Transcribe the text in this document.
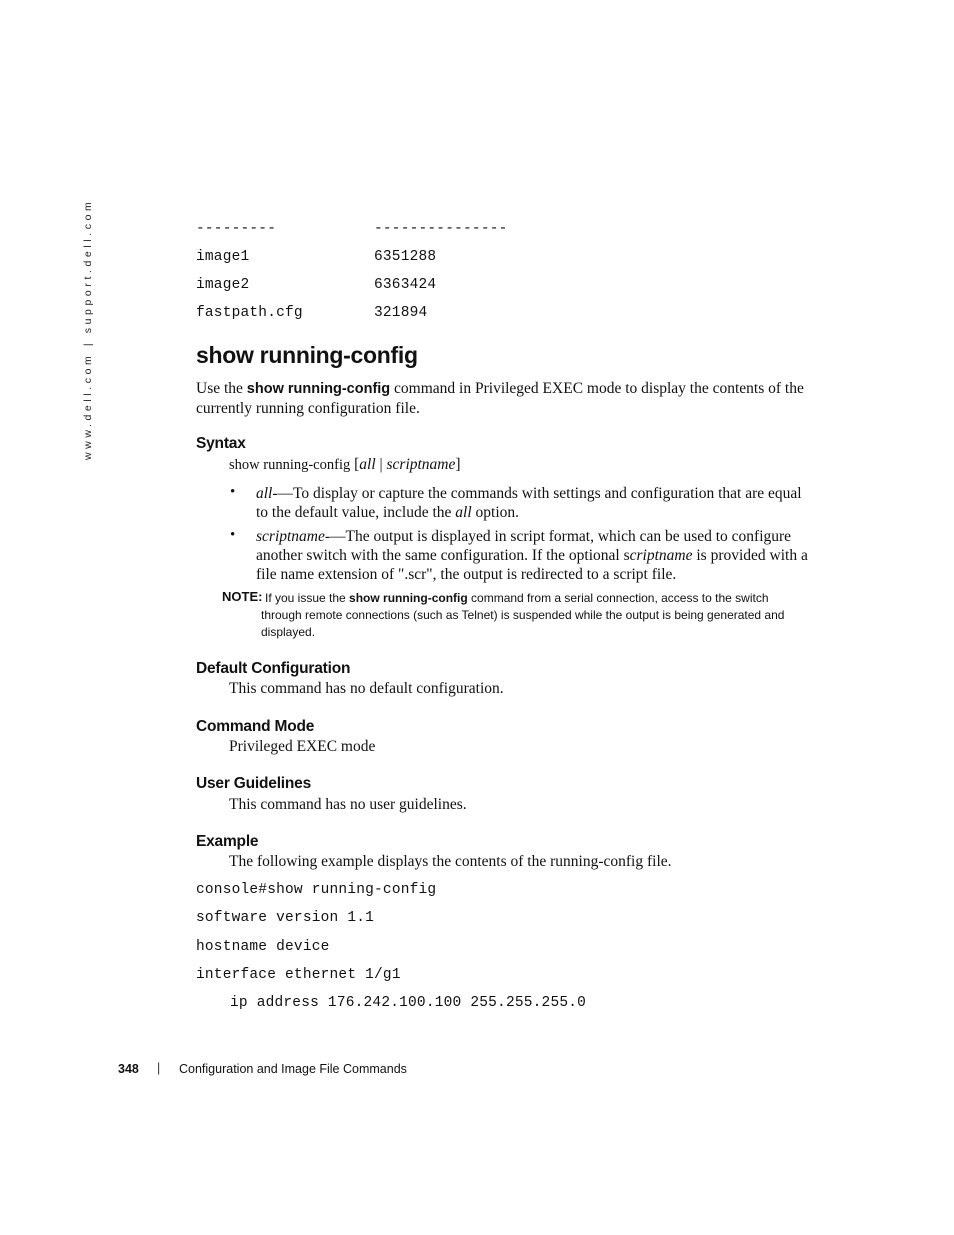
www.dell.com | support.dell.com	---------	---------------
image1	6351288
image2	6363424
fastpath.cfg	321894
show running-config
Use the show running-config command in Privileged EXEC mode to display the contents of the
currently running configuration file.
Syntax
show running-config [all | scriptname]
• all-—To display or capture the commands with settings and configuration that are equal
to the default value, include the all option.
• scriptname-—The output is displayed in script format, which can be used to configure
another switch with the same configuration. If the optional scriptname is provided with a
file name extension of ".scr", the output is redirected to a script file.
NOTE: If you issue the show running-config command from a serial connection, access to the switch
through remote connections (such as Telnet) is suspended while the output is being generated and
displayed.
Default Configuration
This command has no default configuration.
Command Mode
Privileged EXEC mode
User Guidelines
This command has no user guidelines.
Example
The following example displays the contents of the running-config file.
console#show running-config
software version 1.1
hostname device
interface ethernet 1/g1
ip address 176.242.100.100 255.255.255.0
348 | Configuration and Image File Commands
